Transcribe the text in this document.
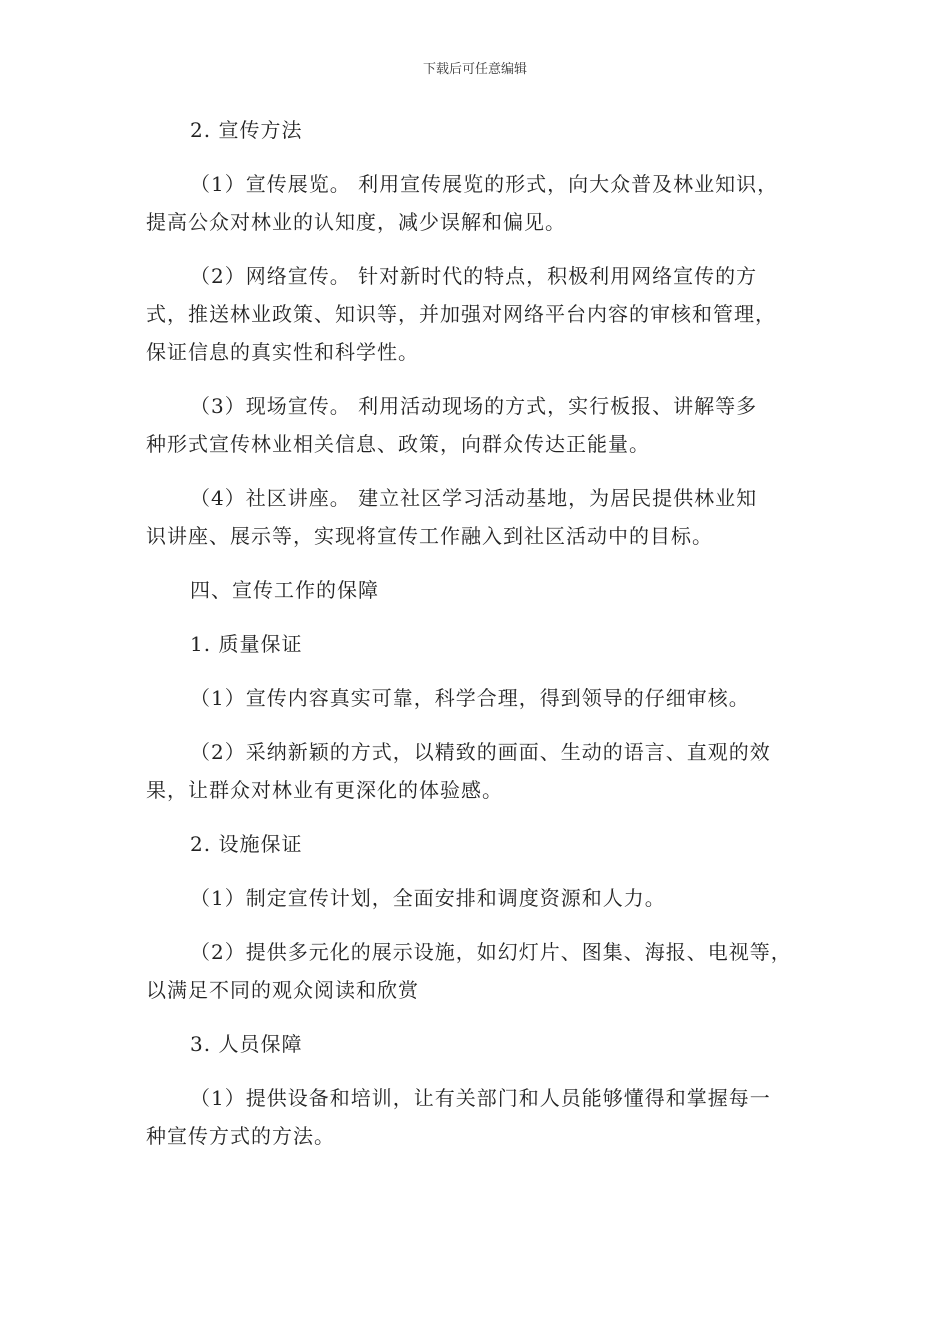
下载后可任意编辑
2. 宣传方法
（1）宣传展览。 利用宣传展览的形式，向大众普及林业知识，
提高公众对林业的认知度，减少误解和偏见。
（2）网络宣传。 针对新时代的特点，积极利用网络宣传的方
式，推送林业政策、知识等，并加强对网络平台内容的审核和管理，
保证信息的真实性和科学性。
（3）现场宣传。 利用活动现场的方式，实行板报、讲解等多
种形式宣传林业相关信息、政策，向群众传达正能量。
（4）社区讲座。 建立社区学习活动基地，为居民提供林业知
识讲座、展示等，实现将宣传工作融入到社区活动中的目标。
四、宣传工作的保障
1. 质量保证
（1）宣传内容真实可靠，科学合理，得到领导的仔细审核。
（2）采纳新颖的方式，以精致的画面、生动的语言、直观的效
果，让群众对林业有更深化的体验感。
2. 设施保证
（1）制定宣传计划，全面安排和调度资源和人力。
（2）提供多元化的展示设施，如幻灯片、图集、海报、电视等，
以满足不同的观众阅读和欣赏
3. 人员保障
（1）提供设备和培训，让有关部门和人员能够懂得和掌握每一
种宣传方式的方法。
